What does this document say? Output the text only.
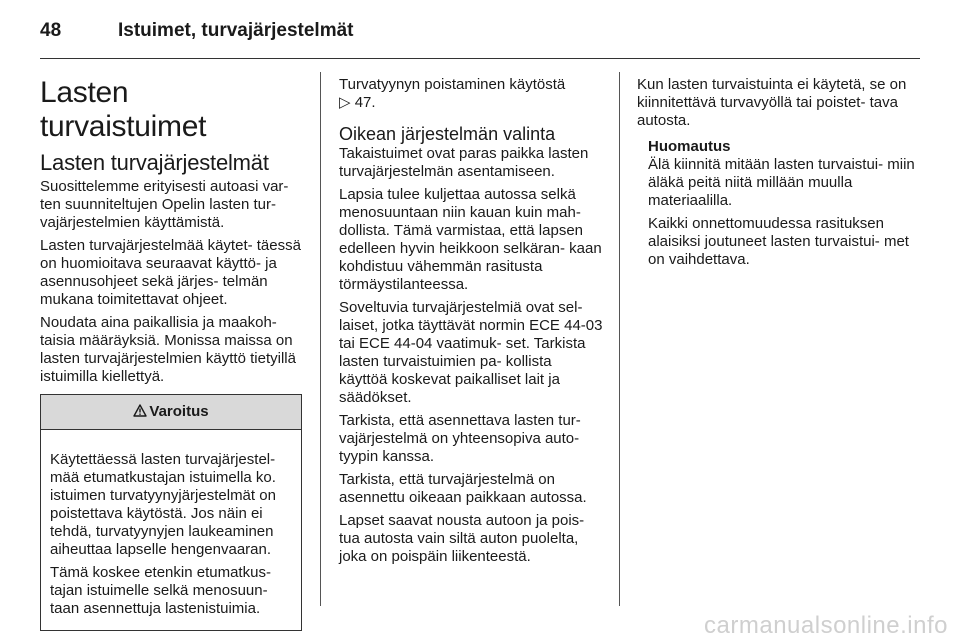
48	Istuimet, turvajärjestelmät
Lasten turvaistuimet
Lasten turvajärjestelmät

Suosittelemme erityisesti autoasi var- ten suunniteltujen Opelin lasten tur- vajärjestelmien käyttämistä.

Lasten turvajärjestelmää käytet- täessä on huomioitava seuraavat käyttö- ja asennusohjeet sekä järjes- telmän mukana toimitettavat ohjeet.

Noudata aina paikallisia ja maakoh- taisia määräyksiä. Monissa maissa on lasten turvajärjestelmien käyttö tietyillä istuimilla kiellettyä.

Varoitus

Käytettäessä lasten turvajärjestel- mää etumatkustajan istuimella ko. istuimen turvatyynyjärjestelmät on poistettava käytöstä. Jos näin ei tehdä, turvatyynyjen laukeaminen aiheuttaa lapselle hengenvaaran.

Tämä koskee etenkin etumatkus- tajan istuimelle selkä menosuun- taan asennettuja lastenistuimia.

Turvatyynyn poistaminen käytöstä
▷ 47.

Oikean järjestelmän valinta

Takaistuimet ovat paras paikka lasten turvajärjestelmän asentamiseen.

Lapsia tulee kuljettaa autossa selkä menosuuntaan niin kauan kuin mah- dollista. Tämä varmistaa, että lapsen edelleen hyvin heikkoon selkäran- kaan kohdistuu vähemmän rasitusta törmäystilanteessa.

Soveltuvia turvajärjestelmiä ovat sel- laiset, jotka täyttävät normin ECE 44-03 tai ECE 44-04 vaatimuk- set. Tarkista lasten turvaistuimien pa- kollista käyttöä koskevat paikalliset lait ja säädökset.

Tarkista, että asennettava lasten tur- vajärjestelmä on yhteensopiva auto- tyypin kanssa.

Tarkista, että turvajärjestelmä on asennettu oikeaan paikkaan autossa.

Lapset saavat nousta autoon ja pois- tua autosta vain siltä auton puolelta, joka on poispäin liikenteestä.

Kun lasten turvaistuinta ei käytetä, se on kiinnitettävä turvavyöllä tai poistet- tava autosta.

Huomautus

Älä kiinnitä mitään lasten turvaistui- miin äläkä peitä niitä millään muulla materiaalilla.

Kaikki onnettomuudessa rasituksen alaisiksi joutuneet lasten turvaistui- met on vaihdettava.

carmanualsonline.info
